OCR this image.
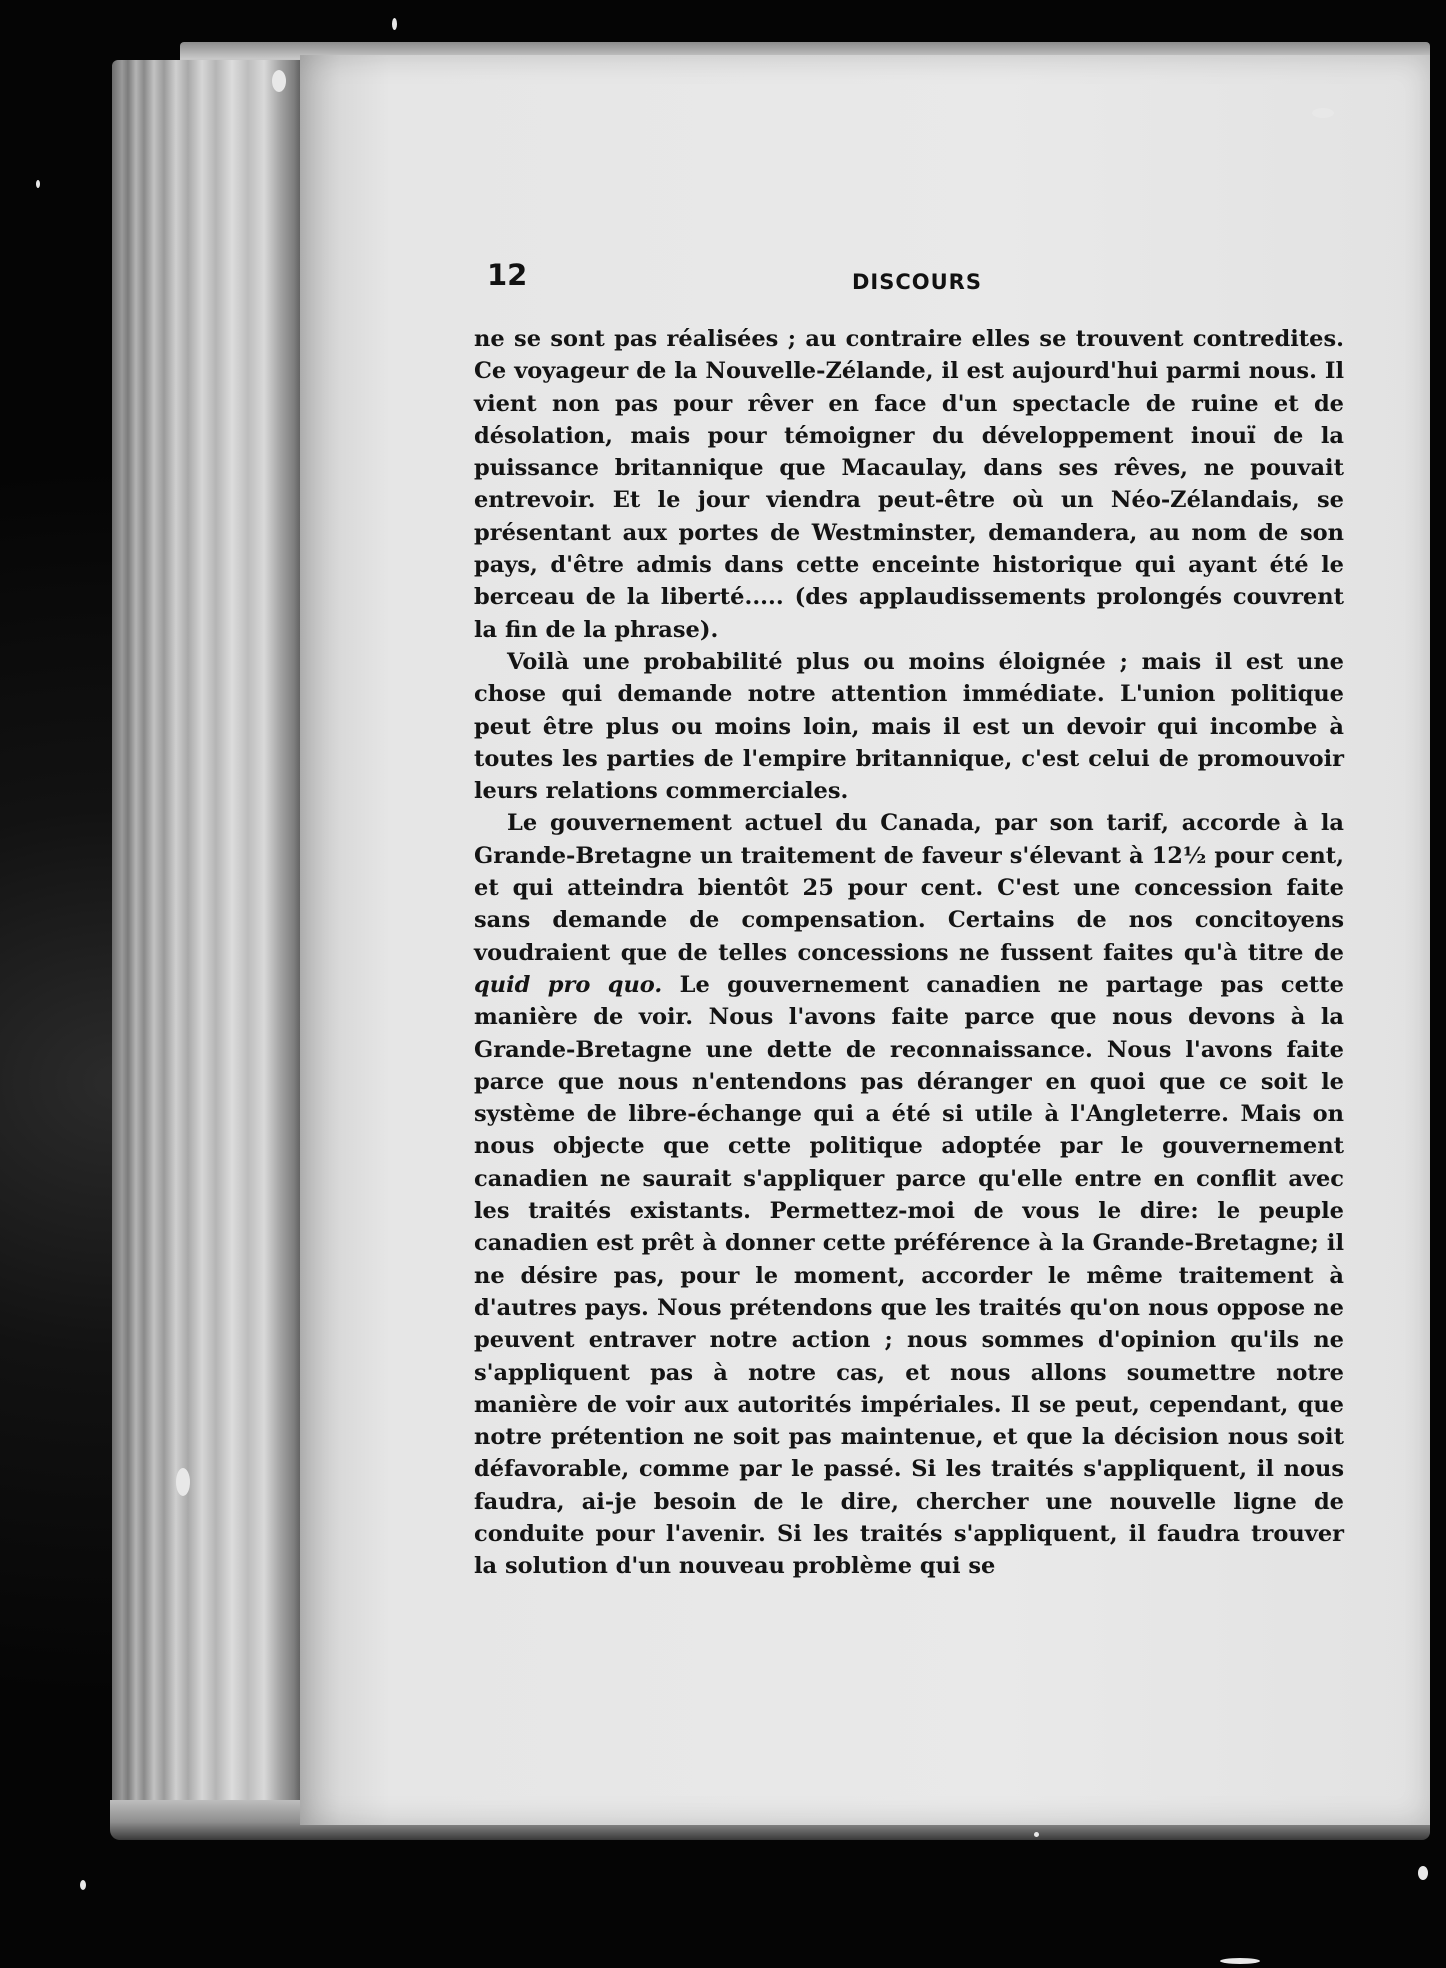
12	DISCOURS

ne se sont pas réalisées ; au contraire elles se trouvent contredites. Ce voyageur de la Nouvelle-Zélande, il est aujourd'hui parmi nous. Il vient non pas pour rêver en face d'un spectacle de ruine et de désolation, mais pour témoigner du développement inouï de la puissance britannique que Macaulay, dans ses rêves, ne pouvait entrevoir. Et le jour viendra peut-être où un Néo-Zélandais, se présentant aux portes de Westminster, demandera, au nom de son pays, d'être admis dans cette enceinte historique qui ayant été le berceau de la liberté..... (des applaudissements prolongés couvrent la fin de la phrase).

Voilà une probabilité plus ou moins éloignée ; mais il est une chose qui demande notre attention immédiate. L'union politique peut être plus ou moins loin, mais il est un devoir qui incombe à toutes les parties de l'empire britannique, c'est celui de promouvoir leurs relations commerciales.

Le gouvernement actuel du Canada, par son tarif, accorde à la Grande-Bretagne un traitement de faveur s'élevant à 12½ pour cent, et qui atteindra bientôt 25 pour cent. C'est une concession faite sans demande de compensation. Certains de nos concitoyens voudraient que de telles concessions ne fussent faites qu'à titre de quid pro quo. Le gouvernement canadien ne partage pas cette manière de voir. Nous l'avons faite parce que nous devons à la Grande-Bretagne une dette de reconnaissance. Nous l'avons faite parce que nous n'entendons pas déranger en quoi que ce soit le système de libre-échange qui a été si utile à l'Angleterre. Mais on nous objecte que cette politique adoptée par le gouvernement canadien ne saurait s'appliquer parce qu'elle entre en conflit avec les traités existants. Permettez-moi de vous le dire: le peuple canadien est prêt à donner cette préférence à la Grande-Bretagne; il ne désire pas, pour le moment, accorder le même traitement à d'autres pays. Nous prétendons que les traités qu'on nous oppose ne peuvent entraver notre action ; nous sommes d'opinion qu'ils ne s'appliquent pas à notre cas, et nous allons soumettre notre manière de voir aux autorités impériales. Il se peut, cependant, que notre prétention ne soit pas maintenue, et que la décision nous soit défavorable, comme par le passé. Si les traités s'appliquent, il nous faudra, ai-je besoin de le dire, chercher une nouvelle ligne de conduite pour l'avenir. Si les traités s'appliquent, il faudra trouver la solution d'un nouveau problème qui se
